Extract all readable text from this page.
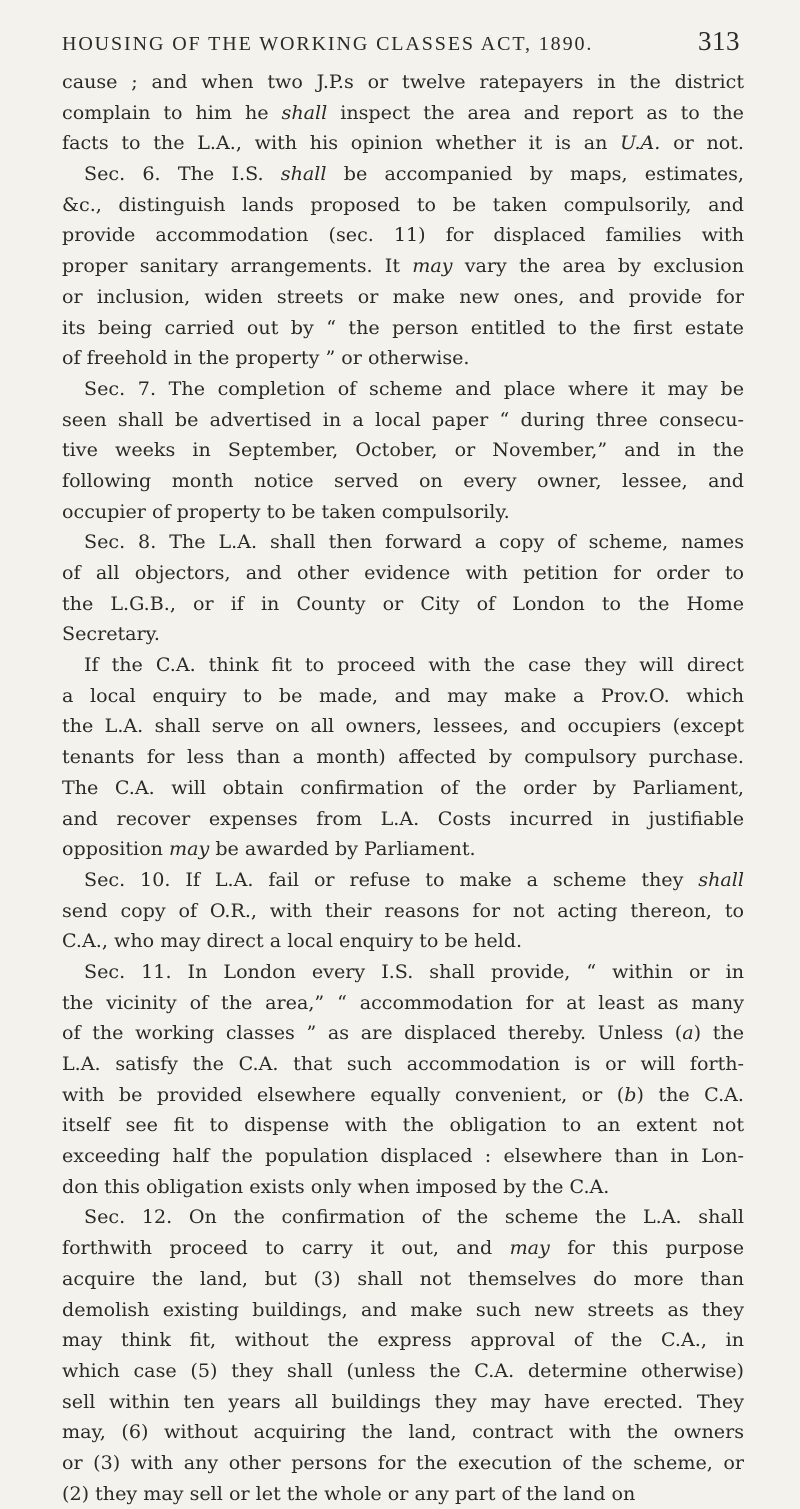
HOUSING OF THE WORKING CLASSES ACT, 1890.	313
cause ; and when two J.P.s or twelve ratepayers in the district
complain to him he shall inspect the area and report as to the
facts to the L.A., with his opinion whether it is an U.A. or not.
Sec. 6. The I.S. shall be accompanied by maps, estimates,
&c., distinguish lands proposed to be taken compulsorily, and
provide accommodation (sec. 11) for displaced families with
proper sanitary arrangements. It may vary the area by exclusion
or inclusion, widen streets or make new ones, and provide for
its being carried out by “ the person entitled to the first estate
of freehold in the property ” or otherwise.
Sec. 7. The completion of scheme and place where it may be
seen shall be advertised in a local paper “ during three consecu-
tive weeks in September, October, or November,” and in the
following month notice served on every owner, lessee, and
occupier of property to be taken compulsorily.
Sec. 8. The L.A. shall then forward a copy of scheme, names
of all objectors, and other evidence with petition for order to
the L.G.B., or if in County or City of London to the Home
Secretary.
If the C.A. think fit to proceed with the case they will direct
a local enquiry to be made, and may make a Prov.O. which
the L.A. shall serve on all owners, lessees, and occupiers (except
tenants for less than a month) affected by compulsory purchase.
The C.A. will obtain confirmation of the order by Parliament,
and recover expenses from L.A. Costs incurred in justifiable
opposition may be awarded by Parliament.
Sec. 10. If L.A. fail or refuse to make a scheme they shall
send copy of O.R., with their reasons for not acting thereon, to
C.A., who may direct a local enquiry to be held.
Sec. 11. In London every I.S. shall provide, “ within or in
the vicinity of the area,” “ accommodation for at least as many
of the working classes ” as are displaced thereby. Unless (a) the
L.A. satisfy the C.A. that such accommodation is or will forth-
with be provided elsewhere equally convenient, or (b) the C.A.
itself see fit to dispense with the obligation to an extent not
exceeding half the population displaced : elsewhere than in Lon-
don this obligation exists only when imposed by the C.A.
Sec. 12. On the confirmation of the scheme the L.A. shall
forthwith proceed to carry it out, and may for this purpose
acquire the land, but (3) shall not themselves do more than
demolish existing buildings, and make such new streets as they
may think fit, without the express approval of the C.A., in
which case (5) they shall (unless the C.A. determine otherwise)
sell within ten years all buildings they may have erected. They
may, (6) without acquiring the land, contract with the owners
or (3) with any other persons for the execution of the scheme, or
(2) they may sell or let the whole or any part of the land on
